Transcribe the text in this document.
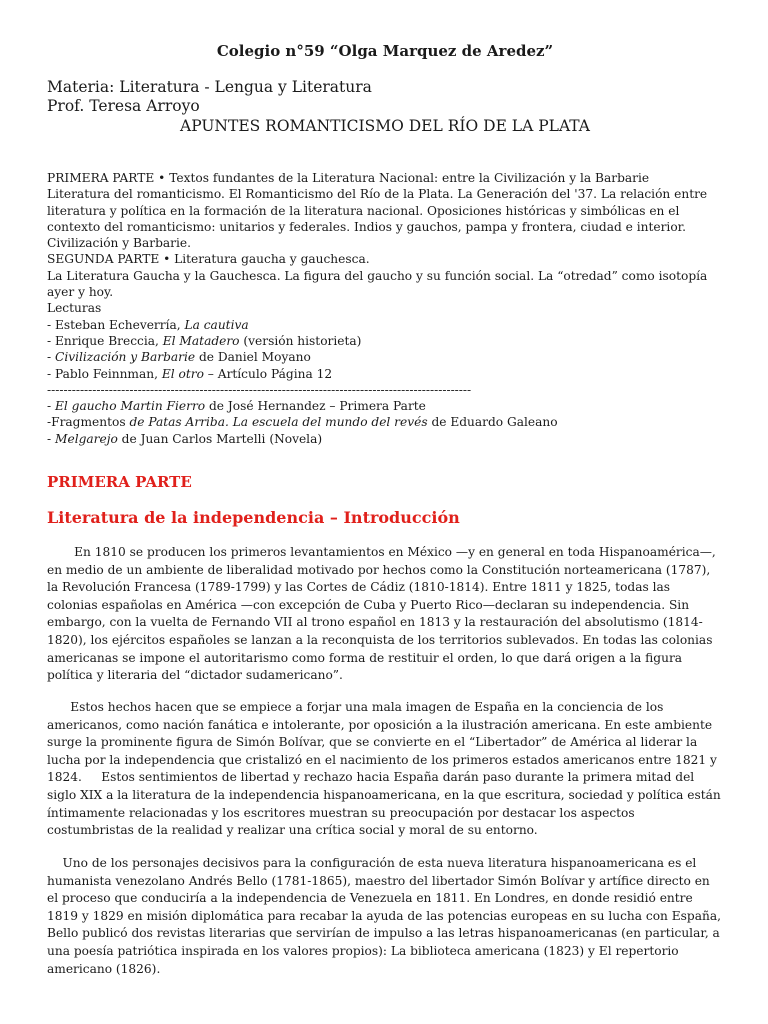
Colegio n°59 “Olga Marquez de Aredez”
Materia: Literatura - Lengua y Literatura
Prof. Teresa Arroyo
APUNTES ROMANTICISMO DEL RÍO DE LA PLATA
PRIMERA PARTE • Textos fundantes de la Literatura Nacional: entre la Civilización y la Barbarie
Literatura del romanticismo. El Romanticismo del Río de la Plata. La Generación del '37. La relación entre literatura y política en la formación de la literatura nacional. Oposiciones históricas y simbólicas en el contexto del romanticismo: unitarios y federales. Indios y gauchos, pampa y frontera, ciudad e interior. Civilización y Barbarie.
SEGUNDA PARTE • Literatura gaucha y gauchesca.
La Literatura Gaucha y la Gauchesca. La figura del gaucho y su función social. La “otredad” como isotopía ayer y hoy.
Lecturas
- Esteban Echeverría, La cautiva
- Enrique Breccia, El Matadero (versión historieta)
- Civilización y Barbarie de Daniel Moyano
- Pablo Feinnman, El otro – Artículo Página 12
-------------------------------------------------------------------------------------------------------
- El gaucho Martin Fierro de José Hernandez – Primera Parte
-Fragmentos de Patas Arriba. La escuela del mundo del revés de Eduardo Galeano
- Melgarejo de Juan Carlos Martelli (Novela)
PRIMERA PARTE
Literatura de la independencia – Introducción
En 1810 se producen los primeros levantamientos en México —y en general en toda Hispanoamérica—, en medio de un ambiente de liberalidad motivado por hechos como la Constitución norteamericana (1787), la Revolución Francesa (1789-1799) y las Cortes de Cádiz (1810-1814). Entre 1811 y 1825, todas las colonias españolas en América —con excepción de Cuba y Puerto Rico—declaran su independencia. Sin embargo, con la vuelta de Fernando VII al trono español en 1813 y la restauración del absolutismo (1814- 1820), los ejércitos españoles se lanzan a la reconquista de los territorios sublevados. En todas las colonias americanas se impone el autoritarismo como forma de restituir el orden, lo que dará origen a la figura política y literaria del “dictador sudamericano”.
Estos hechos hacen que se empiece a forjar una mala imagen de España en la conciencia de los americanos, como nación fanática e intolerante, por oposición a la ilustración americana. En este ambiente surge la prominente figura de Simón Bolívar, que se convierte en el “Libertador” de América al liderar la lucha por la independencia que cristalizó en el nacimiento de los primeros estados americanos entre 1821 y 1824.     Estos sentimientos de libertad y rechazo hacia España darán paso durante la primera mitad del siglo XIX a la literatura de la independencia hispanoamericana, en la que escritura, sociedad y política están íntimamente relacionadas y los escritores muestran su preocupación por destacar los aspectos costumbristas de la realidad y realizar una crítica social y moral de su entorno.
Uno de los personajes decisivos para la configuración de esta nueva literatura hispanoamericana es el humanista venezolano Andrés Bello (1781-1865), maestro del libertador Simón Bolívar y artífice directo en el proceso que conduciría a la independencia de Venezuela en 1811. En Londres, en donde residió entre 1819 y 1829 en misión diplomática para recabar la ayuda de las potencias europeas en su lucha con España, Bello publicó dos revistas literarias que servirían de impulso a las letras hispanoamericanas (en particular, a una poesía patriótica inspirada en los valores propios): La biblioteca americana (1823) y El repertorio americano (1826).
